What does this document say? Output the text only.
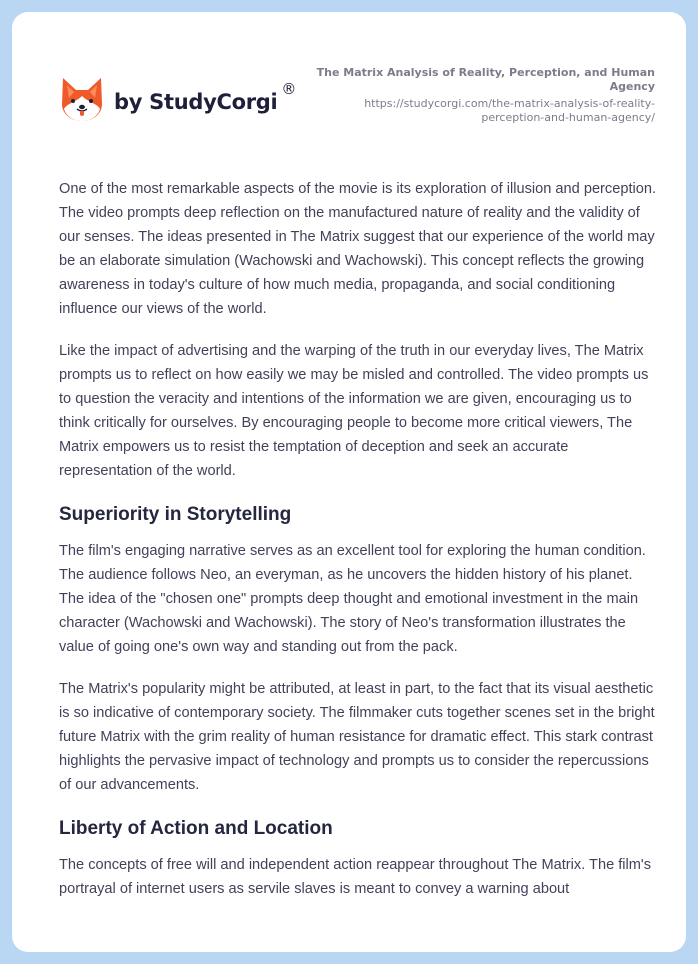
by StudyCorgi
®
The Matrix Analysis of Reality, Perception, and Human Agency
https://studycorgi.com/the-matrix-analysis-of-reality-perception-and-human-agency/

One of the most remarkable aspects of the movie is its exploration of illusion and perception. The video prompts deep reflection on the manufactured nature of reality and the validity of our senses. The ideas presented in The Matrix suggest that our experience of the world may be an elaborate simulation (Wachowski and Wachowski). This concept reflects the growing awareness in today's culture of how much media, propaganda, and social conditioning influence our views of the world.

Like the impact of advertising and the warping of the truth in our everyday lives, The Matrix prompts us to reflect on how easily we may be misled and controlled. The video prompts us to question the veracity and intentions of the information we are given, encouraging us to think critically for ourselves. By encouraging people to become more critical viewers, The Matrix empowers us to resist the temptation of deception and seek an accurate representation of the world.

Superiority in Storytelling

The film's engaging narrative serves as an excellent tool for exploring the human condition. The audience follows Neo, an everyman, as he uncovers the hidden history of his planet. The idea of the "chosen one" prompts deep thought and emotional investment in the main character (Wachowski and Wachowski). The story of Neo's transformation illustrates the value of going one's own way and standing out from the pack.

The Matrix's popularity might be attributed, at least in part, to the fact that its visual aesthetic is so indicative of contemporary society. The filmmaker cuts together scenes set in the bright future Matrix with the grim reality of human resistance for dramatic effect. This stark contrast highlights the pervasive impact of technology and prompts us to consider the repercussions of our advancements.

Liberty of Action and Location

The concepts of free will and independent action reappear throughout The Matrix. The film's portrayal of internet users as servile slaves is meant to convey a warning about
